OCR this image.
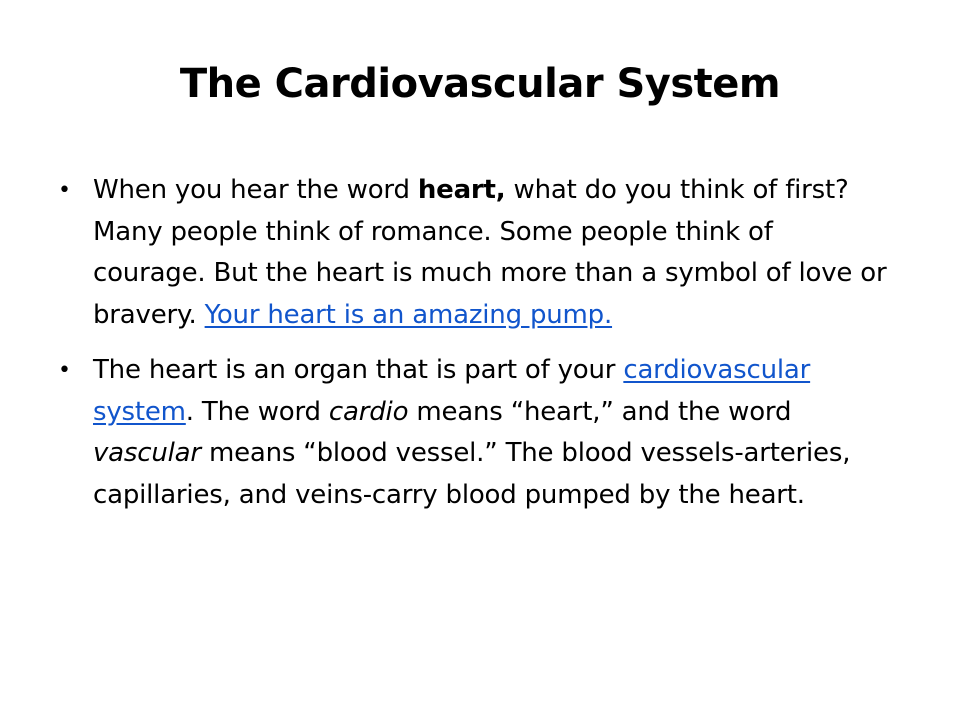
The Cardiovascular System
• When you hear the word heart, what do you think of first? Many people think of romance. Some people think of courage. But the heart is much more than a symbol of love or bravery. Your heart is an amazing pump.
• The heart is an organ that is part of your cardiovascular system. The word cardio means “heart,” and the word vascular means “blood vessel.” The blood vessels-arteries, capillaries, and veins-carry blood pumped by the heart.
